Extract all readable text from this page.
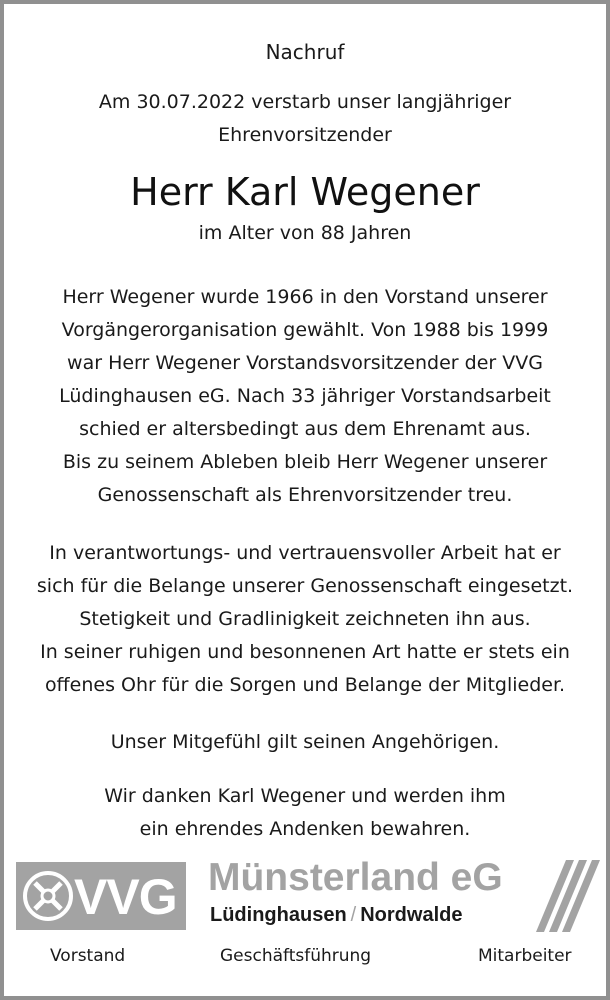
Nachruf
Am 30.07.2022 verstarb unser langjähriger
Ehrenvorsitzender
Herr Karl Wegener
im Alter von 88 Jahren
Herr Wegener wurde 1966 in den Vorstand unserer
Vorgängerorganisation gewählt. Von 1988 bis 1999
war Herr Wegener Vorstandsvorsitzender der VVG
Lüdinghausen eG. Nach 33 jähriger Vorstandsarbeit
schied er altersbedingt aus dem Ehrenamt aus.
Bis zu seinem Ableben bleib Herr Wegener unserer
Genossenschaft als Ehrenvorsitzender treu.
In verantwortungs- und vertrauensvoller Arbeit hat er
sich für die Belange unserer Genossenschaft eingesetzt.
Stetigkeit und Gradlinigkeit zeichneten ihn aus.
In seiner ruhigen und besonnenen Art hatte er stets ein
offenes Ohr für die Sorgen und Belange der Mitglieder.
Unser Mitgefühl gilt seinen Angehörigen.
Wir danken Karl Wegener und werden ihm
ein ehrendes Andenken bewahren.
VVG Münsterland eG
Lüdinghausen / Nordwalde
Vorstand	Geschäftsführung	Mitarbeiter
